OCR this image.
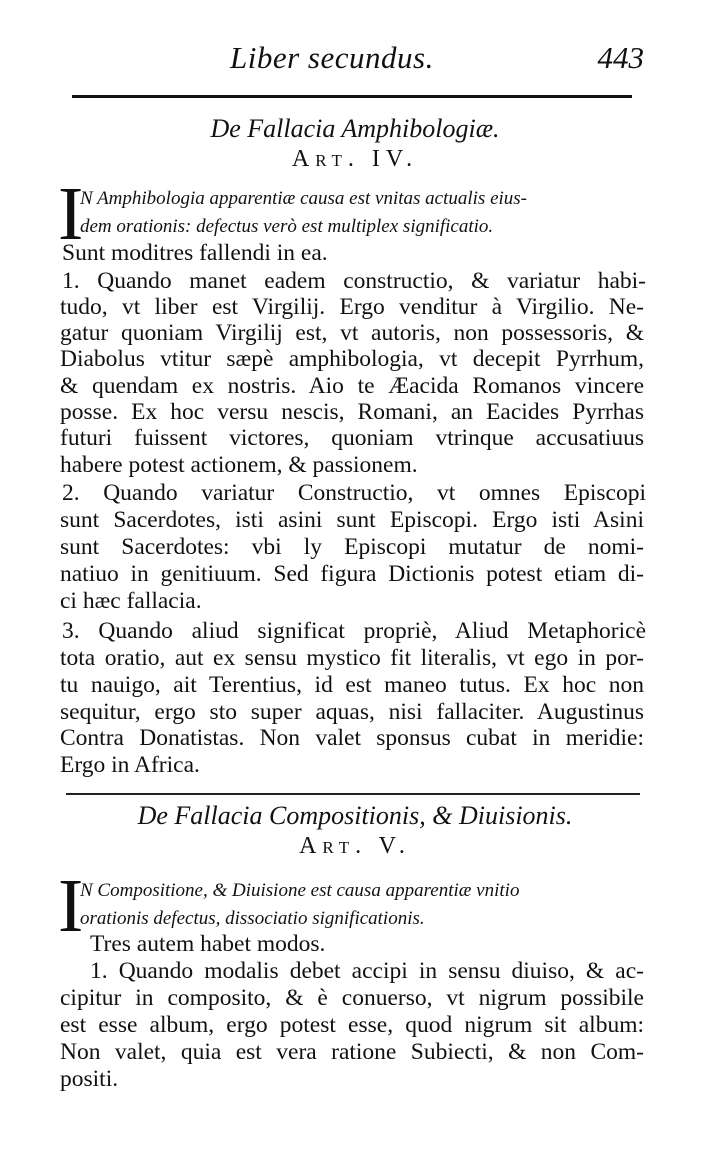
Liber secundus.	443
De Fallacia Amphibologiæ.
Art. IV.
I
N Amphibologia apparentiæ causa est vnitas actualis eius-
dem orationis: defectus verò est multiplex significatio.
Sunt moditres fallendi in ea.
1. Quando manet eadem constructio, & variatur habi-
tudo, vt liber est Virgilij. Ergo venditur à Virgilio. Ne-
gatur quoniam Virgilij est, vt autoris, non possessoris, &
Diabolus vtitur sæpè amphibologia, vt decepit Pyrrhum,
& quendam ex nostris. Aio te Æacida Romanos vincere
posse. Ex hoc versu nescis, Romani, an Eacides Pyrrhas
futuri fuissent victores, quoniam vtrinque accusatiuus
habere potest actionem, & passionem.
2. Quando variatur Constructio, vt omnes Episcopi
sunt Sacerdotes, isti asini sunt Episcopi. Ergo isti Asini
sunt Sacerdotes: vbi ly Episcopi mutatur de nomi-
natiuo in genitiuum. Sed figura Dictionis potest etiam di-
ci hæc fallacia.
3. Quando aliud significat propriè, Aliud Metaphoricè
tota oratio, aut ex sensu mystico fit literalis, vt ego in por-
tu nauigo, ait Terentius, id est maneo tutus. Ex hoc non
sequitur, ergo sto super aquas, nisi fallaciter. Augustinus
Contra Donatistas. Non valet sponsus cubat in meridie:
Ergo in Africa.
De Fallacia Compositionis, & Diuisionis.
Art. V.
I
N Compositione, & Diuisione est causa apparentiæ vnitio
orationis defectus, dissociatio significationis.
Tres autem habet modos.
1. Quando modalis debet accipi in sensu diuiso, & ac-
cipitur in composito, & è conuerso, vt nigrum possibile
est esse album, ergo potest esse, quod nigrum sit album:
Non valet, quia est vera ratione Subiecti, & non Com-
positi.
